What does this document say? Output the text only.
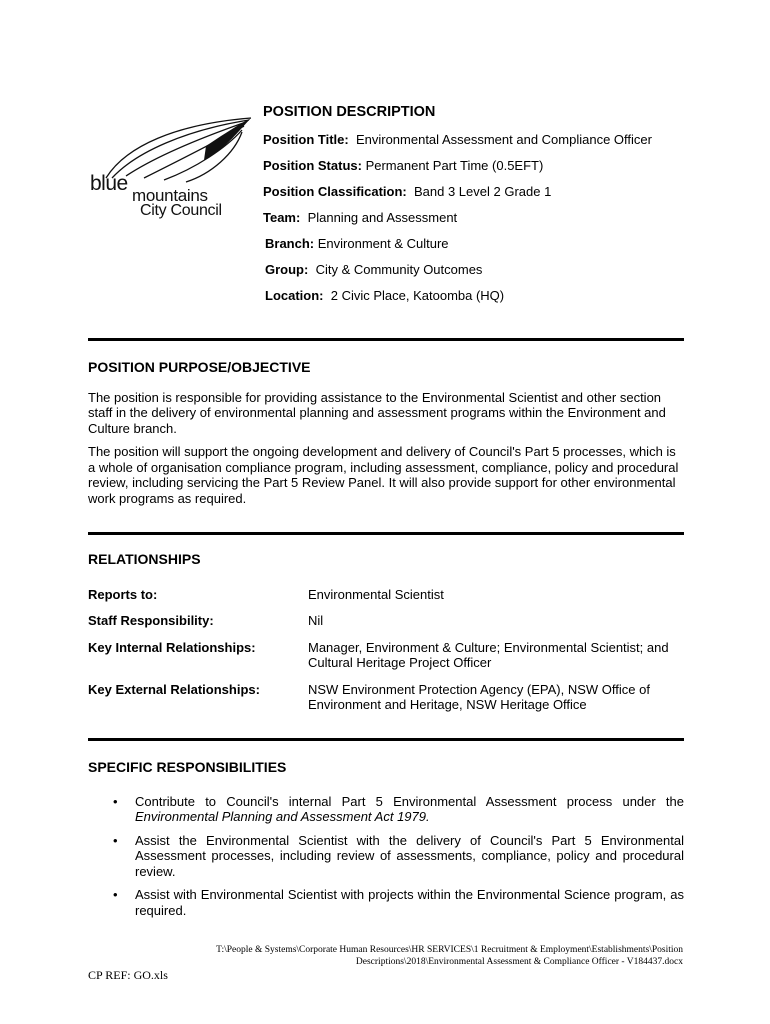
blue
mountains
City Council
POSITION DESCRIPTION
Position Title: Environmental Assessment and Compliance Officer
Position Status: Permanent Part Time (0.5EFT)
Position Classification: Band 3 Level 2 Grade 1
Team: Planning and Assessment
Branch: Environment & Culture
Group: City & Community Outcomes
Location: 2 Civic Place, Katoomba (HQ)
POSITION PURPOSE/OBJECTIVE

The position is responsible for providing assistance to the Environmental Scientist and other section staff in the delivery of environmental planning and assessment programs within the Environment and Culture branch.

The position will support the ongoing development and delivery of Council's Part 5 processes, which is a whole of organisation compliance program, including assessment, compliance, policy and procedural review, including servicing the Part 5 Review Panel. It will also provide support for other environmental work programs as required.

RELATIONSHIPS
Reports to:	Environmental Scientist
Staff Responsibility:	Nil
Key Internal Relationships:	Manager, Environment & Culture; Environmental Scientist; and Cultural Heritage Project Officer
Key External Relationships:	NSW Environment Protection Agency (EPA), NSW Office of Environment and Heritage, NSW Heritage Office
SPECIFIC RESPONSIBILITIES
• Contribute to Council's internal Part 5 Environmental Assessment process under the Environmental Planning and Assessment Act 1979.
• Assist the Environmental Scientist with the delivery of Council's Part 5 Environmental Assessment processes, including review of assessments, compliance, policy and procedural review.
• Assist with Environmental Scientist with projects within the Environmental Science program, as required.
T:\People & Systems\Corporate Human Resources\HR SERVICES\1 Recruitment & Employment\Establishments\Position
Descriptions\2018\Environmental Assessment & Compliance Officer - V184437.docx
CP REF: GO.xls
